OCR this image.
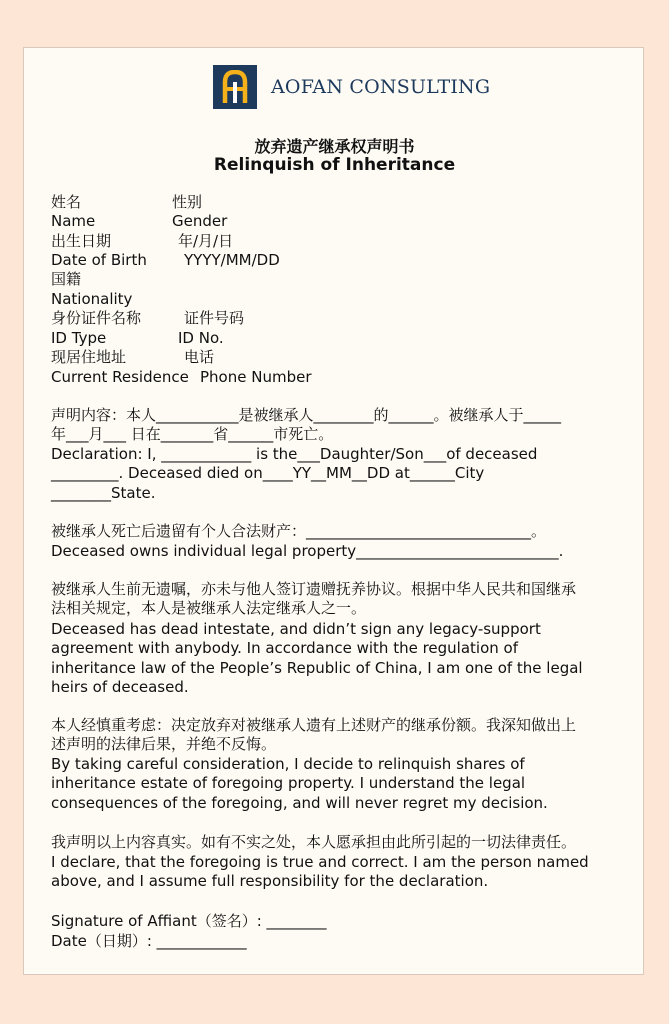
AOFAN CONSULTING
放弃遗产继承权声明书
Relinquish of Inheritance
姓名	性别
Name	Gender
出生日期	年/月/日
Date of Birth YYYY/MM/DD
国籍
Nationality
身份证件名称	证件号码
ID Type	ID No.
现居住地址	电话
Current Residence Phone Number
声明内容：本人___________是被继承人________的______。被继承人于_____
年___月___ 日在_______省______市死亡。
Declaration: I, ____________ is the___Daughter/Son___of deceased
_________. Deceased died on____YY__MM__DD at______City
________State.
被继承人死亡后遗留有个人合法财产：______________________________。
Deceased owns individual legal property___________________________.
被继承人生前无遗嘱，亦未与他人签订遗赠抚养协议。根据中华人民共和国继承
法相关规定，本人是被继承人法定继承人之一。
Deceased has dead intestate, and didn’t sign any legacy-support
agreement with anybody. In accordance with the regulation of
inheritance law of the People’s Republic of China, I am one of the legal
heirs of deceased.
本人经慎重考虑：决定放弃对被继承人遗有上述财产的继承份额。我深知做出上
述声明的法律后果，并绝不反悔。
By taking careful consideration, I decide to relinquish shares of
inheritance estate of foregoing property. I understand the legal
consequences of the foregoing, and will never regret my decision.
我声明以上内容真实。如有不实之处，本人愿承担由此所引起的一切法律责任。
I declare, that the foregoing is true and correct. I am the person named
above, and I assume full responsibility for the declaration.
Signature of Affiant（签名）: ________
Date（日期）: ____________
